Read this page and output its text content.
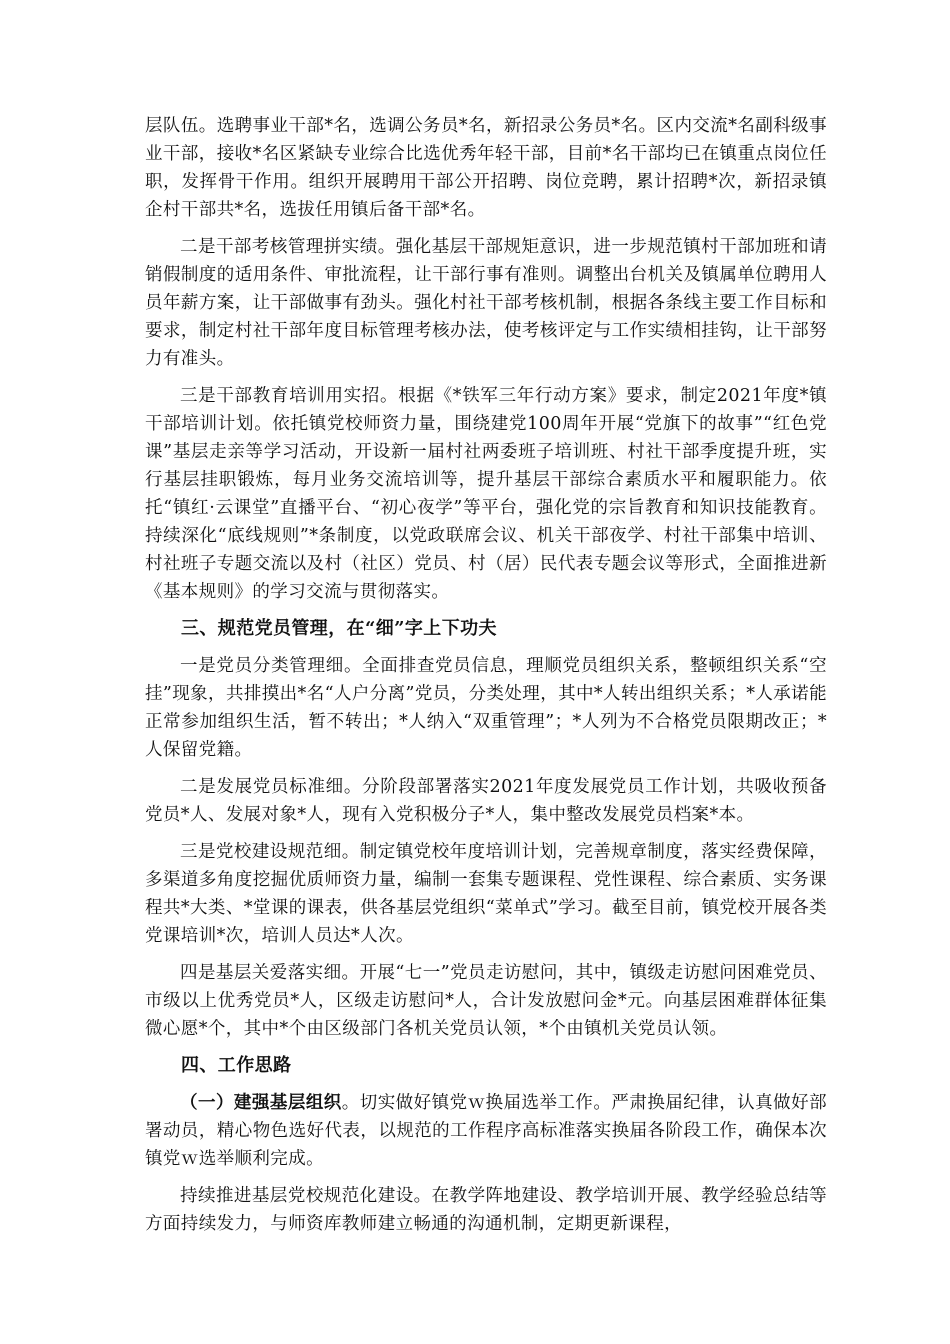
层队伍。选聘事业干部*名，选调公务员*名，新招录公务员*名。区内交流*名副科级事业干部，接收*名区紧缺专业综合比选优秀年轻干部，目前*名干部均已在镇重点岗位任职，发挥骨干作用。组织开展聘用干部公开招聘、岗位竞聘，累计招聘*次，新招录镇企村干部共*名，选拔任用镇后备干部*名。

二是干部考核管理拼实绩。强化基层干部规矩意识，进一步规范镇村干部加班和请销假制度的适用条件、审批流程，让干部行事有准则。调整出台机关及镇属单位聘用人员年薪方案，让干部做事有劲头。强化村社干部考核机制，根据各条线主要工作目标和要求，制定村社干部年度目标管理考核办法，使考核评定与工作实绩相挂钩，让干部努力有准头。

三是干部教育培训用实招。根据《*铁军三年行动方案》要求，制定2021年度*镇干部培训计划。依托镇党校师资力量，围绕建党100周年开展“党旗下的故事”“红色党课”基层走亲等学习活动，开设新一届村社两委班子培训班、村社干部季度提升班，实行基层挂职锻炼，每月业务交流培训等，提升基层干部综合素质水平和履职能力。依托“镇红·云课堂”直播平台、“初心夜学”等平台，强化党的宗旨教育和知识技能教育。持续深化“底线规则”*条制度，以党政联席会议、机关干部夜学、村社干部集中培训、村社班子专题交流以及村（社区）党员、村（居）民代表专题会议等形式，全面推进新《基本规则》的学习交流与贯彻落实。

三、规范党员管理，在“细”字上下功夫

一是党员分类管理细。全面排查党员信息，理顺党员组织关系，整顿组织关系“空挂”现象，共排摸出*名“人户分离”党员，分类处理，其中*人转出组织关系；*人承诺能正常参加组织生活，暂不转出；*人纳入“双重管理”；*人列为不合格党员限期改正；*人保留党籍。

二是发展党员标准细。分阶段部署落实2021年度发展党员工作计划，共吸收预备党员*人、发展对象*人，现有入党积极分子*人，集中整改发展党员档案*本。

三是党校建设规范细。制定镇党校年度培训计划，完善规章制度，落实经费保障，多渠道多角度挖掘优质师资力量，编制一套集专题课程、党性课程、综合素质、实务课程共*大类、*堂课的课表，供各基层党组织“菜单式”学习。截至目前，镇党校开展各类党课培训*次，培训人员达*人次。

四是基层关爱落实细。开展“七一”党员走访慰问，其中，镇级走访慰问困难党员、市级以上优秀党员*人，区级走访慰问*人，合计发放慰问金*元。向基层困难群体征集微心愿*个，其中*个由区级部门各机关党员认领，*个由镇机关党员认领。

四、工作思路

（一）建强基层组织。切实做好镇党ｗ换届选举工作。严肃换届纪律，认真做好部署动员，精心物色选好代表，以规范的工作程序高标准落实换届各阶段工作，确保本次镇党ｗ选举顺利完成。

持续推进基层党校规范化建设。在教学阵地建设、教学培训开展、教学经验总结等方面持续发力，与师资库教师建立畅通的沟通机制，定期更新课程，
